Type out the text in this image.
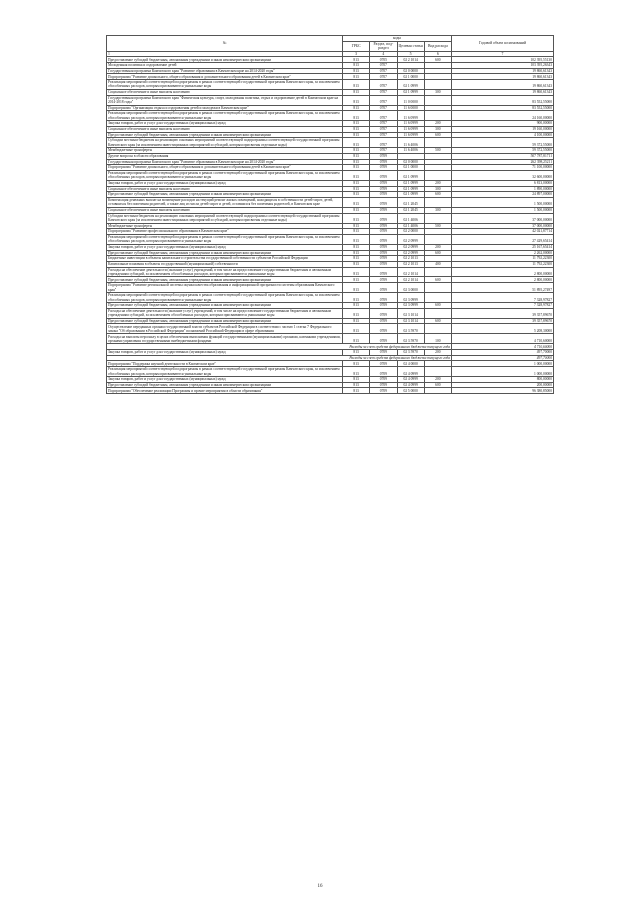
№	коды				Годовой объем ассигнований
	ГРБС	Раздел, под-раздел	Целевая статья	Вид расхода	
1	3	4	5	6	7
Предоставление субсидий бюджетным, автономным учреждениям и иным некоммерческим организациям	813	0705	02 2 1014	600	102 395,55130
Молодежная политика и оздоровление детей	813	0707			103 395,26343
Государственная программа Камчатского края "Развитие образования в Камчатском крае на 2014-2020 годы"	813	0707	02 0 0000		19 860,61343
Подпрограмма "Развитие дошкольного, общего образования и дополнительного образования детей в Камчатском крае"	813	0707	02 1 0000		19 860,61343
Реализация мероприятий соответствующей подпрограммы в рамках соответствующей государственной программы Камчатского края, за исключением обособленных расходов, которым присваиваются уникальные коды	813	0707	02 1 0999		19 860,61343
Социальное обеспечение и иные выплаты населению	813	0707	02 1 0999	300	19 860,61343
Государственная программа Камчатского края "Физическая культура, спорт, молодежная политика, отдых и оздоровление детей в Камчатском крае на 2014-2018 годы"	813	0707	11 0 0000		83 552,55000
Подпрограмма "Организация отдыха и оздоровления детей и молодежи в Камчатском крае"	813	0707	11 6 0000		83 552,55000
Реализация мероприятий соответствующей подпрограммы в рамках соответствующей государственной программы Камчатского края, за исключением обособленных расходов, которым присваиваются уникальные коды	813	0707	11 6 0999		24 160,00000
Закупка товаров, работ и услуг для государственных (муниципальных) нужд	813	0707	11 6 0999	200	900,00000
Социальное обеспечение и иные выплаты населению	813	0707	11 6 0999	300	19 160,00000
Предоставление субсидий бюджетным, автономным учреждениям и иным некоммерческим организациям	813	0707	11 6 0999	600	4 100,00000
Субсидии местным бюджетам на реализацию основных мероприятий соответствующей подпрограммы соответствующей государственной программы Камчатского края (за исключением инвестиционных мероприятий и субсидий, которым присвоены отдельные коды)	813	0707	11 6 4006		59 372,55000
Межбюджетные трансферты	813	0707	11 6 4006	500	59 372,55000
Другие вопросы в области образования	813	0709			507 787,81711
Государственная программа Камчатского края "Развитие образования в Камчатском крае на 2014-2020 годы"	813	0709	02 0 0000		262 398,25211
Подпрограмма "Развитие дошкольного, общего образования и дополнительного образования детей в Камчатском крае"	813	0709	02 1 0000		71 100,00000
Реализация мероприятий соответствующей подпрограммы в рамках соответствующей государственной программы Камчатского края, за исключением обособленных расходов, которым присваиваются уникальные коды	813	0709	02 1 0999		32 600,00000
Закупка товаров, работ и услуг для государственных (муниципальных) нужд	813	0709	02 1 0999	200	6 813,00000
Социальное обеспечение и иные выплаты населению	813	0709	02 1 0999	300	1 890,00000
Предоставление субсидий бюджетным, автономным учреждениям и иным некоммерческим организациям	813	0709	02 1 0999	600	24 897,00000
Компенсация денежных выплат на возмещение расходов на текущий ремонт жилых помещений, находящихся в собственности детей-сирот, детей, оставшихся без попечения родителей, а также лиц из числа детей-сирот и детей, оставшихся без попечения родителей, в Камчатском крае	813	0709	02 1 2045		1 500,00000
Социальное обеспечение и иные выплаты населению	813	0709	02 1 2045	300	1 500,00000
Субсидии местным бюджетам на реализацию основных мероприятий соответствующей подпрограммы соответствующей государственной программы Камчатского края (за исключением инвестиционных мероприятий и субсидий, которым присвоены отдельные коды)	813	0709	02 1 4006		37 000,00000
Межбюджетные трансферты	813	0709	02 1 4006	500	37 000,00000
Подпрограмма "Развитие профессионального образования в Камчатском крае"	813	0709	02 2 0000		42 021,87714
Реализация мероприятий соответствующей подпрограммы в рамках соответствующей государственной программы Камчатского края, за исключением обособленных расходов, которым присваиваются уникальные коды	813	0709	02 2 0999		27 429,65414
Закупка товаров, работ и услуг для государственных (муниципальных) нужд	813	0709	02 2 0999	200	25 167,65414
Предоставление субсидий бюджетным, автономным учреждениям и иным некоммерческим организациям	813	0709	02 2 0999	600	2 262,00000
Бюджетные инвестиции в объекты капитального строительства государственной собственности субъектов Российской Федерации	813	0709	02 2 1013		11 792,22300
Капитальные вложения в объекты государственной (муниципальной) собственности	813	0709	02 2 1013	400	11 792,22300
Расходы на обеспечение деятельности (оказание услуг) учреждений, в том числе на предоставление государственным бюджетным и автономным учреждениям субсидий, за исключением обособленных расходов, которым присваиваются уникальные коды	813	0709	02 2 1014		2 800,00000
Предоставление субсидий бюджетным, автономным учреждениям и иным некоммерческим организациям	813	0709	02 2 1014	600	2 800,00000
Подпрограмма "Развитие региональной системы оценки качества образования и информационной прозрачности системы образования Камчатского края"	813	0709	02 3 0000		51 895,27497
Реализация мероприятий соответствующей подпрограммы в рамках соответствующей государственной программы Камчатского края, за исключением обособленных расходов, которым присваиваются уникальные коды	813	0709	02 3 0999		7 328,97827
Предоставление субсидий бюджетным, автономным учреждениям и иным некоммерческим организациям	813	0709	02 3 0999	600	7 328,97827
Расходы на обеспечение деятельности (оказание услуг) учреждений, в том числе на предоставление государственным бюджетным и автономным учреждениям субсидий, за исключением обособленных расходов, которым присваиваются уникальные коды	813	0709	02 3 1014		39 357,89670
Предоставление субсидий бюджетным, автономным учреждениям и иным некоммерческим организациям	813	0709	02 3 1014	600	39 357,89670
Осуществление переданных органам государственной власти субъектов Российской Федерации в соответствии с частью 1 статьи 7 Федерального закона "Об образовании в Российской Федерации" полномочий Российской Федерации в сфере образования	813	0709	02 3 5970		5 208,30000
Расходы на выплаты персоналу в целях обеспечения выполнения функций государственными (муниципальными) органами, казенными учреждениями, органами управления государственными внебюджетными фондами	813	0709	02 3 5970	100	4 710,60000
Расходы за счет средств федерального бюджета текущего года					4 710,60000
Закупка товаров, работ и услуг для государственных (муниципальных) нужд	813	0709	02 3 5970	200	497,70000
Расходы за счет средств федерального бюджета текущего года					497,70000
Подпрограмма "Поддержка научной деятельности в Камчатском крае"	813	0709	02 4 0000		1 000,00000
Реализация мероприятий соответствующей подпрограммы в рамках соответствующей государственной программы Камчатского края, за исключением обособленных расходов, которым присваиваются уникальные коды	813	0709	02 4 0999		1 000,00000
Закупка товаров, работ и услуг для государственных (муниципальных) нужд	813	0709	02 4 0999	200	800,00000
Предоставление субсидий бюджетным, автономным учреждениям и иным некоммерческим организациям	813	0709	02 4 0999	600	200,00000
Подпрограмма "Обеспечение реализации Программы и прочие мероприятия в области образования"	813	0709	02 5 0000		96 380,85000
16
